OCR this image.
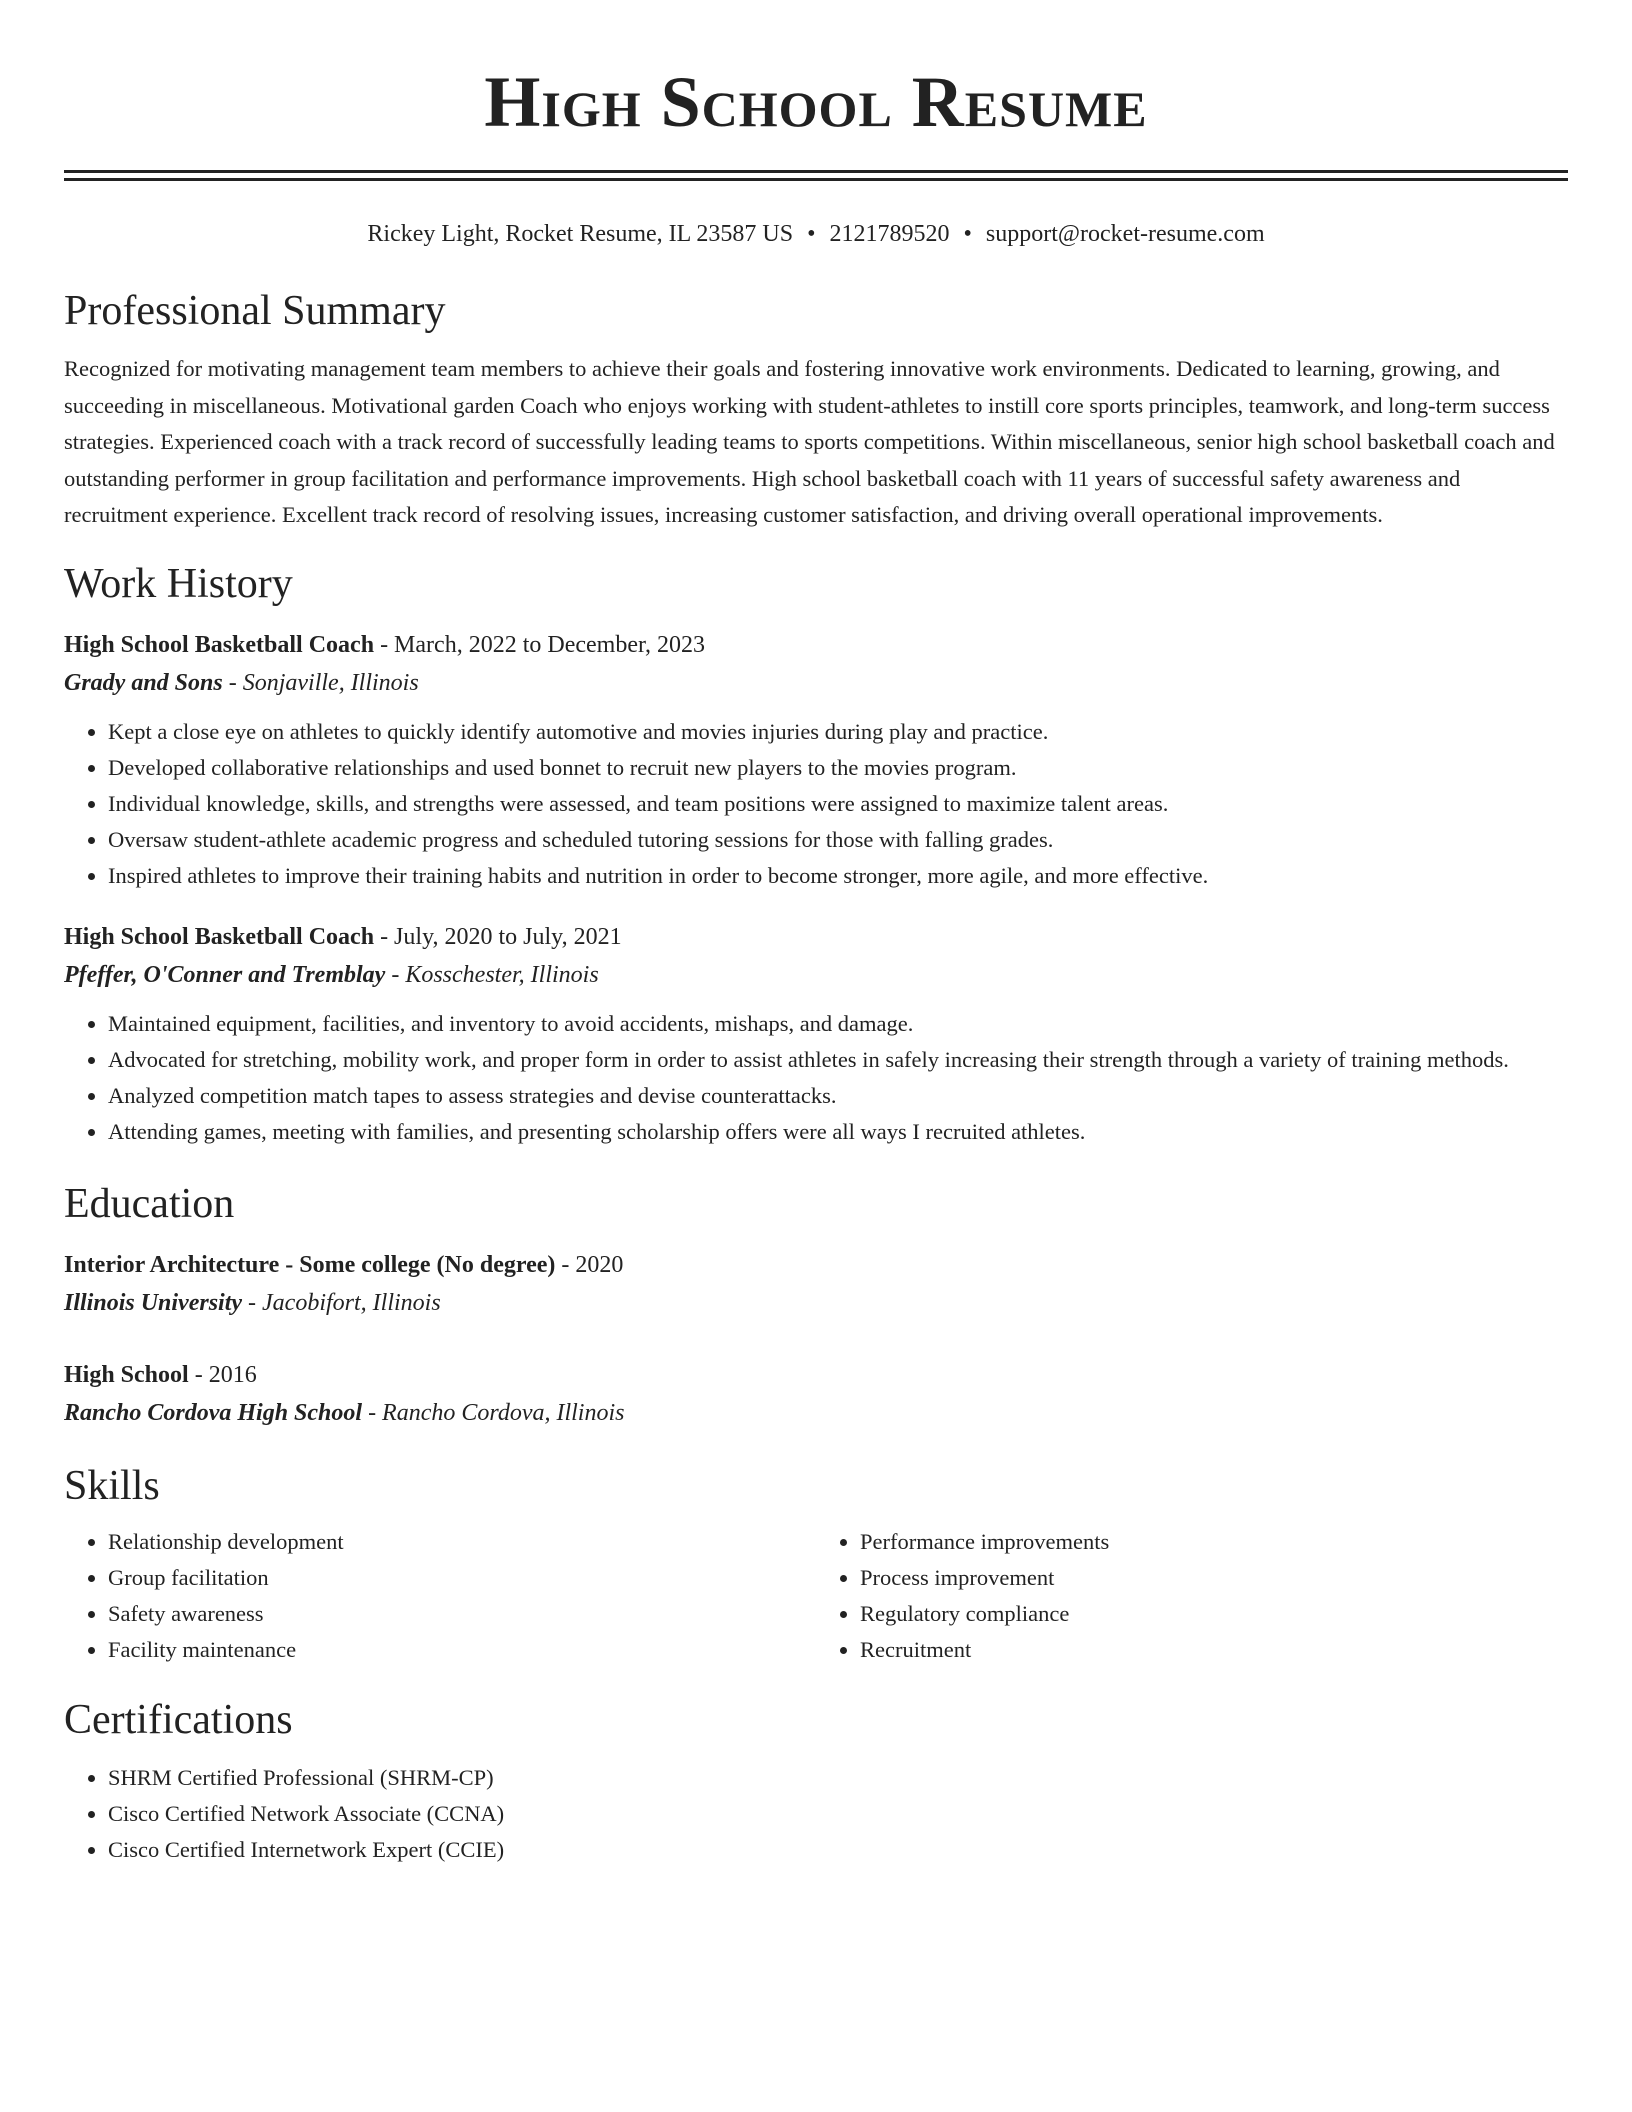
High School Resume
Rickey Light, Rocket Resume, IL 23587 US • 2121789520 • support@rocket-resume.com
Professional Summary
Recognized for motivating management team members to achieve their goals and fostering innovative work environments. Dedicated to learning, growing, and succeeding in miscellaneous. Motivational garden Coach who enjoys working with student-athletes to instill core sports principles, teamwork, and long-term success strategies. Experienced coach with a track record of successfully leading teams to sports competitions. Within miscellaneous, senior high school basketball coach and outstanding performer in group facilitation and performance improvements. High school basketball coach with 11 years of successful safety awareness and recruitment experience. Excellent track record of resolving issues, increasing customer satisfaction, and driving overall operational improvements.
Work History
High School Basketball Coach - March, 2022 to December, 2023
Grady and Sons - Sonjaville, Illinois
• Kept a close eye on athletes to quickly identify automotive and movies injuries during play and practice.
• Developed collaborative relationships and used bonnet to recruit new players to the movies program.
• Individual knowledge, skills, and strengths were assessed, and team positions were assigned to maximize talent areas.
• Oversaw student-athlete academic progress and scheduled tutoring sessions for those with falling grades.
• Inspired athletes to improve their training habits and nutrition in order to become stronger, more agile, and more effective.
High School Basketball Coach - July, 2020 to July, 2021
Pfeffer, O'Conner and Tremblay - Kosschester, Illinois
• Maintained equipment, facilities, and inventory to avoid accidents, mishaps, and damage.
• Advocated for stretching, mobility work, and proper form in order to assist athletes in safely increasing their strength through a variety of training methods.
• Analyzed competition match tapes to assess strategies and devise counterattacks.
• Attending games, meeting with families, and presenting scholarship offers were all ways I recruited athletes.
Education
Interior Architecture - Some college (No degree) - 2020
Illinois University - Jacobifort, Illinois
High School - 2016
Rancho Cordova High School - Rancho Cordova, Illinois
Skills
• Relationship development
• Group facilitation
• Safety awareness
• Facility maintenance
• Performance improvements
• Process improvement
• Regulatory compliance
• Recruitment
Certifications
• SHRM Certified Professional (SHRM-CP)
• Cisco Certified Network Associate (CCNA)
• Cisco Certified Internetwork Expert (CCIE)
